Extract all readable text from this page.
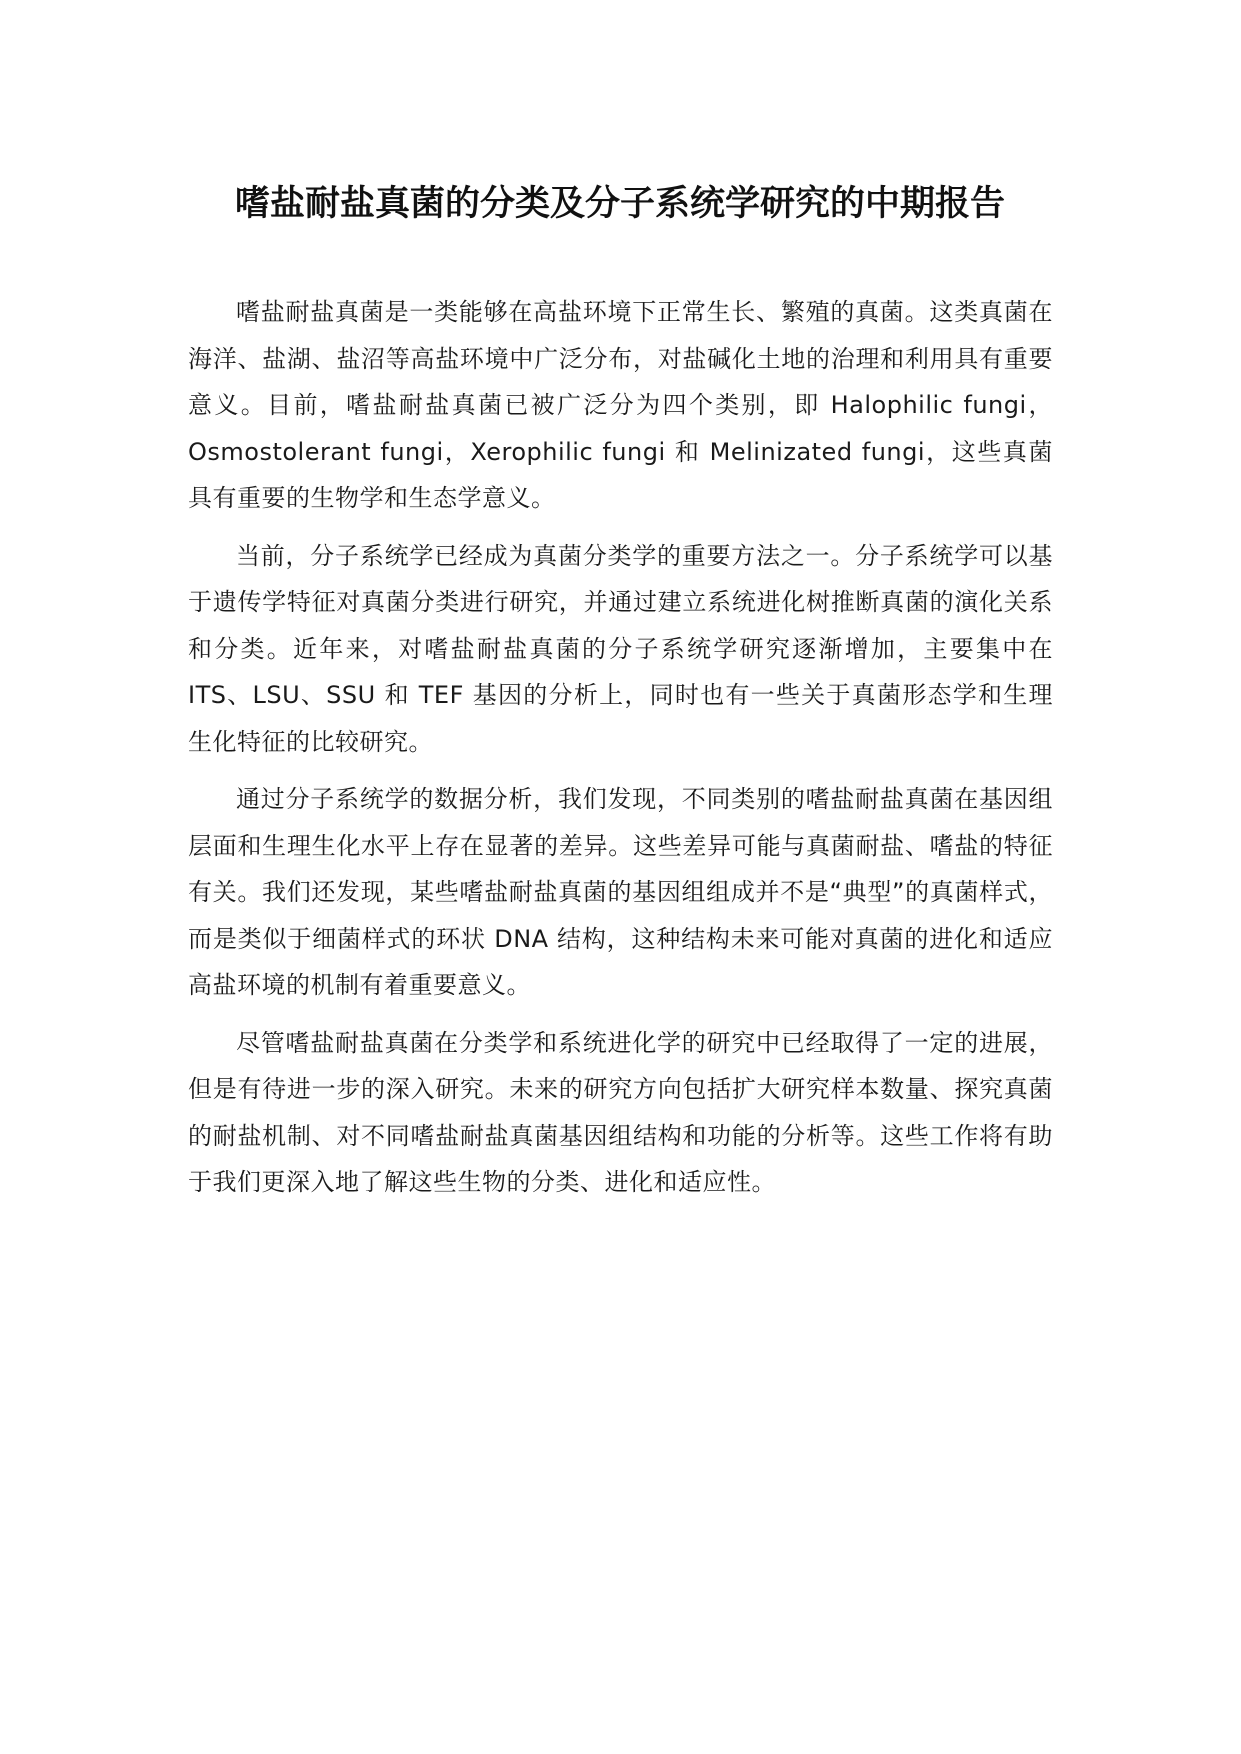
嗜盐耐盐真菌的分类及分子系统学研究的中期报告

嗜盐耐盐真菌是一类能够在高盐环境下正常生长、繁殖的真菌。这类真菌在海洋、盐湖、盐沼等高盐环境中广泛分布，对盐碱化土地的治理和利用具有重要意义。目前，嗜盐耐盐真菌已被广泛分为四个类别，即 Halophilic fungi，Osmostolerant fungi，Xerophilic fungi 和 Melinizated fungi，这些真菌具有重要的生物学和生态学意义。

当前，分子系统学已经成为真菌分类学的重要方法之一。分子系统学可以基于遗传学特征对真菌分类进行研究，并通过建立系统进化树推断真菌的演化关系和分类。近年来，对嗜盐耐盐真菌的分子系统学研究逐渐增加，主要集中在 ITS、LSU、SSU 和 TEF 基因的分析上，同时也有一些关于真菌形态学和生理生化特征的比较研究。

通过分子系统学的数据分析，我们发现，不同类别的嗜盐耐盐真菌在基因组层面和生理生化水平上存在显著的差异。这些差异可能与真菌耐盐、嗜盐的特征有关。我们还发现，某些嗜盐耐盐真菌的基因组组成并不是“典型”的真菌样式，而是类似于细菌样式的环状 DNA 结构，这种结构未来可能对真菌的进化和适应高盐环境的机制有着重要意义。

尽管嗜盐耐盐真菌在分类学和系统进化学的研究中已经取得了一定的进展，但是有待进一步的深入研究。未来的研究方向包括扩大研究样本数量、探究真菌的耐盐机制、对不同嗜盐耐盐真菌基因组结构和功能的分析等。这些工作将有助于我们更深入地了解这些生物的分类、进化和适应性。
